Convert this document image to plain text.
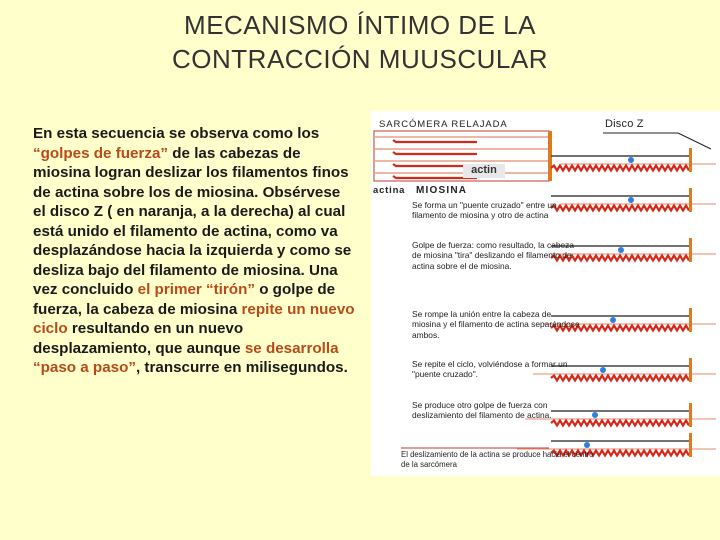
MECANISMO ÍNTIMO DE LA
CONTRACCIÓN MUUSCULAR
En esta secuencia se observa como los “golpes de fuerza” de las cabezas de miosina logran deslizar los filamentos finos de actina sobre los de miosina. Obsérvese el disco Z ( en naranja, a la derecha) al cual está unido el filamento de actina, como va desplazándose hacia la izquierda y como se desliza bajo del filamento de miosina. Una vez concluido el primer “tirón” o golpe de fuerza, la cabeza de miosina repite un nuevo ciclo resultando en un nuevo desplazamiento, que aunque se desarrolla “paso a paso”, transcurre en milisegundos.
SARCÓMERA RELAJADA	Disco Z
actin
actina MIOSINA
Se forma un "puente cruzado" entre un filamento de miosina y otro de actina
Golpe de fuerza: como resultado, la cabeza de miosina "tira" deslizando el filamento de actina sobre el de miosina.
Se rompe la unión entre la cabeza de miosina y el filamento de actina separándose ambos.
Se repite el ciclo, volviéndose a formar un "puente cruzado".
Se produce otro golpe de fuerza con deslizamiento del filamento de actina.
El deslizamiento de la actina se produce hacia el centro de la sarcómera
